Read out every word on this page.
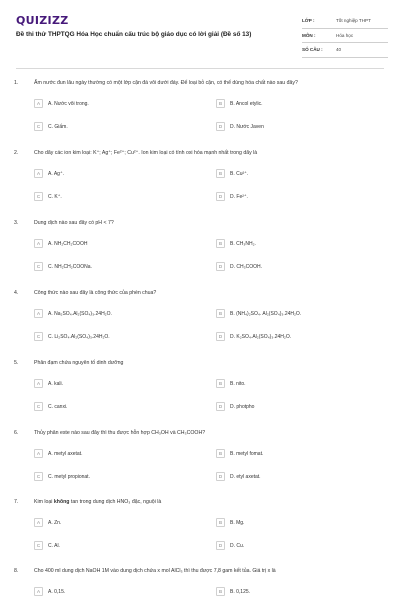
QUIZIZZ
Đề thi thử THPTQG Hóa Học chuẩn cấu trúc bộ giáo dục có lời giải (Đề số 13)
LỚP :	Tốt nghiệp THPT
MÔN :	Hóa học
SỐ CÂU :	40
1.	Ấm nước đun lâu ngày thường có một lớp cặn đá vôi dưới đáy. Để loại bỏ cặn, có thể dùng hóa chất nào sau đây?
A	A. Nước vôi trong.	B	B. Ancol etylic.
C	C. Giấm.	D	D. Nước Javen
2.	Cho dãy các ion kim loại: K⁺; Ag⁺; Fe²⁺; Cu²⁺. Ion kim loại có tính oxi hóa mạnh nhất trong dãy là
A	A. Ag⁺.	B	B. Cu²⁺.
C	C. K⁺.	D	D. Fe²⁺.
3.	Dung dịch nào sau đây có pH < 7?
A	A. NH₂CH₂COOH	B	B. CH₃NH₂.
C	C. NH₂CH₂COONa.	D	D. CH₃COOH.
4.	Công thức nào sau đây là công thức của phèn chua?
A	A. Na₂SO₄.Al₂(SO₄)₃.24H₂O.	B	B. (NH₄)₂SO₄. Al₂(SO₄)₃.24H₂O.
C	C. Li₂SO₄.Al₂(SO₄)₃.24H₂O.	D	D. K₂SO₄.Al₂(SO₄)₃.24H₂O.
5.	Phân đạm chứa nguyên tố dinh dưỡng
A	A. kali.	B	B. nito.
C	C. canxi.	D	D. photpho
6.	Thủy phân este nào sau đây thì thu được hỗn hợp CH₃OH và CH₃COOH?
A	A. metyl axetat.	B	B. metyl fomat.
C	C. metyl propionat.	D	D. etyl axetat.
7.	Kim loại không tan trong dung dịch HNO₃ đặc, nguội là
A	A. Zn.	B	B. Mg.
C	C. Al.	D	D. Cu.
8.	Cho 400 ml dung dịch NaOH 1M vào dung dịch chứa x mol AlCl₃ thì thu được 7,8 gam kết tủa. Giá trị x là
A	A. 0,15.	B	B. 0,125.
